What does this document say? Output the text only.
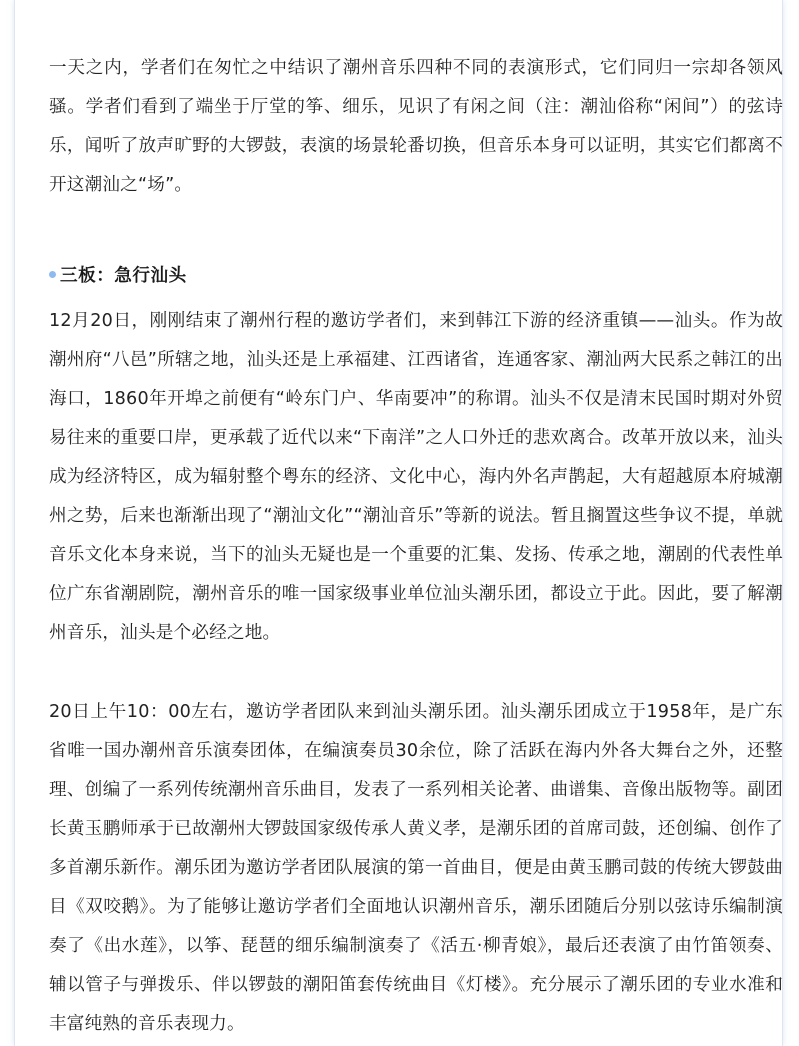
一天之内，学者们在匆忙之中结识了潮州音乐四种不同的表演形式，它们同归一宗却各领风骚。学者们看到了端坐于厅堂的筝、细乐，见识了有闲之间（注：潮汕俗称“闲间”）的弦诗乐，闻听了放声旷野的大锣鼓，表演的场景轮番切换，但音乐本身可以证明，其实它们都离不开这潮汕之“场”。

三板：急行汕头

12月20日，刚刚结束了潮州行程的邀访学者们，来到韩江下游的经济重镇——汕头。作为故潮州府“八邑”所辖之地，汕头还是上承福建、江西诸省，连通客家、潮汕两大民系之韩江的出海口，1860年开埠之前便有“岭东门户、华南要冲”的称谓。汕头不仅是清末民国时期对外贸易往来的重要口岸，更承载了近代以来“下南洋”之人口外迁的悲欢离合。改革开放以来，汕头成为经济特区，成为辐射整个粤东的经济、文化中心，海内外名声鹊起，大有超越原本府城潮州之势，后来也渐渐出现了“潮汕文化”“潮汕音乐”等新的说法。暂且搁置这些争议不提，单就音乐文化本身来说，当下的汕头无疑也是一个重要的汇集、发扬、传承之地，潮剧的代表性单位广东省潮剧院，潮州音乐的唯一国家级事业单位汕头潮乐团，都设立于此。因此，要了解潮州音乐，汕头是个必经之地。

20日上午10：00左右，邀访学者团队来到汕头潮乐团。汕头潮乐团成立于1958年，是广东省唯一国办潮州音乐演奏团体，在编演奏员30余位，除了活跃在海内外各大舞台之外，还整理、创编了一系列传统潮州音乐曲目，发表了一系列相关论著、曲谱集、音像出版物等。副团长黄玉鹏师承于已故潮州大锣鼓国家级传承人黄义孝，是潮乐团的首席司鼓，还创编、创作了多首潮乐新作。潮乐团为邀访学者团队展演的第一首曲目，便是由黄玉鹏司鼓的传统大锣鼓曲目《双咬鹅》。为了能够让邀访学者们全面地认识潮州音乐，潮乐团随后分别以弦诗乐编制演奏了《出水莲》，以筝、琵琶的细乐编制演奏了《活五·柳青娘》，最后还表演了由竹笛领奏、辅以管子与弹拨乐、伴以锣鼓的潮阳笛套传统曲目《灯楼》。充分展示了潮乐团的专业水准和丰富纯熟的音乐表现力。
